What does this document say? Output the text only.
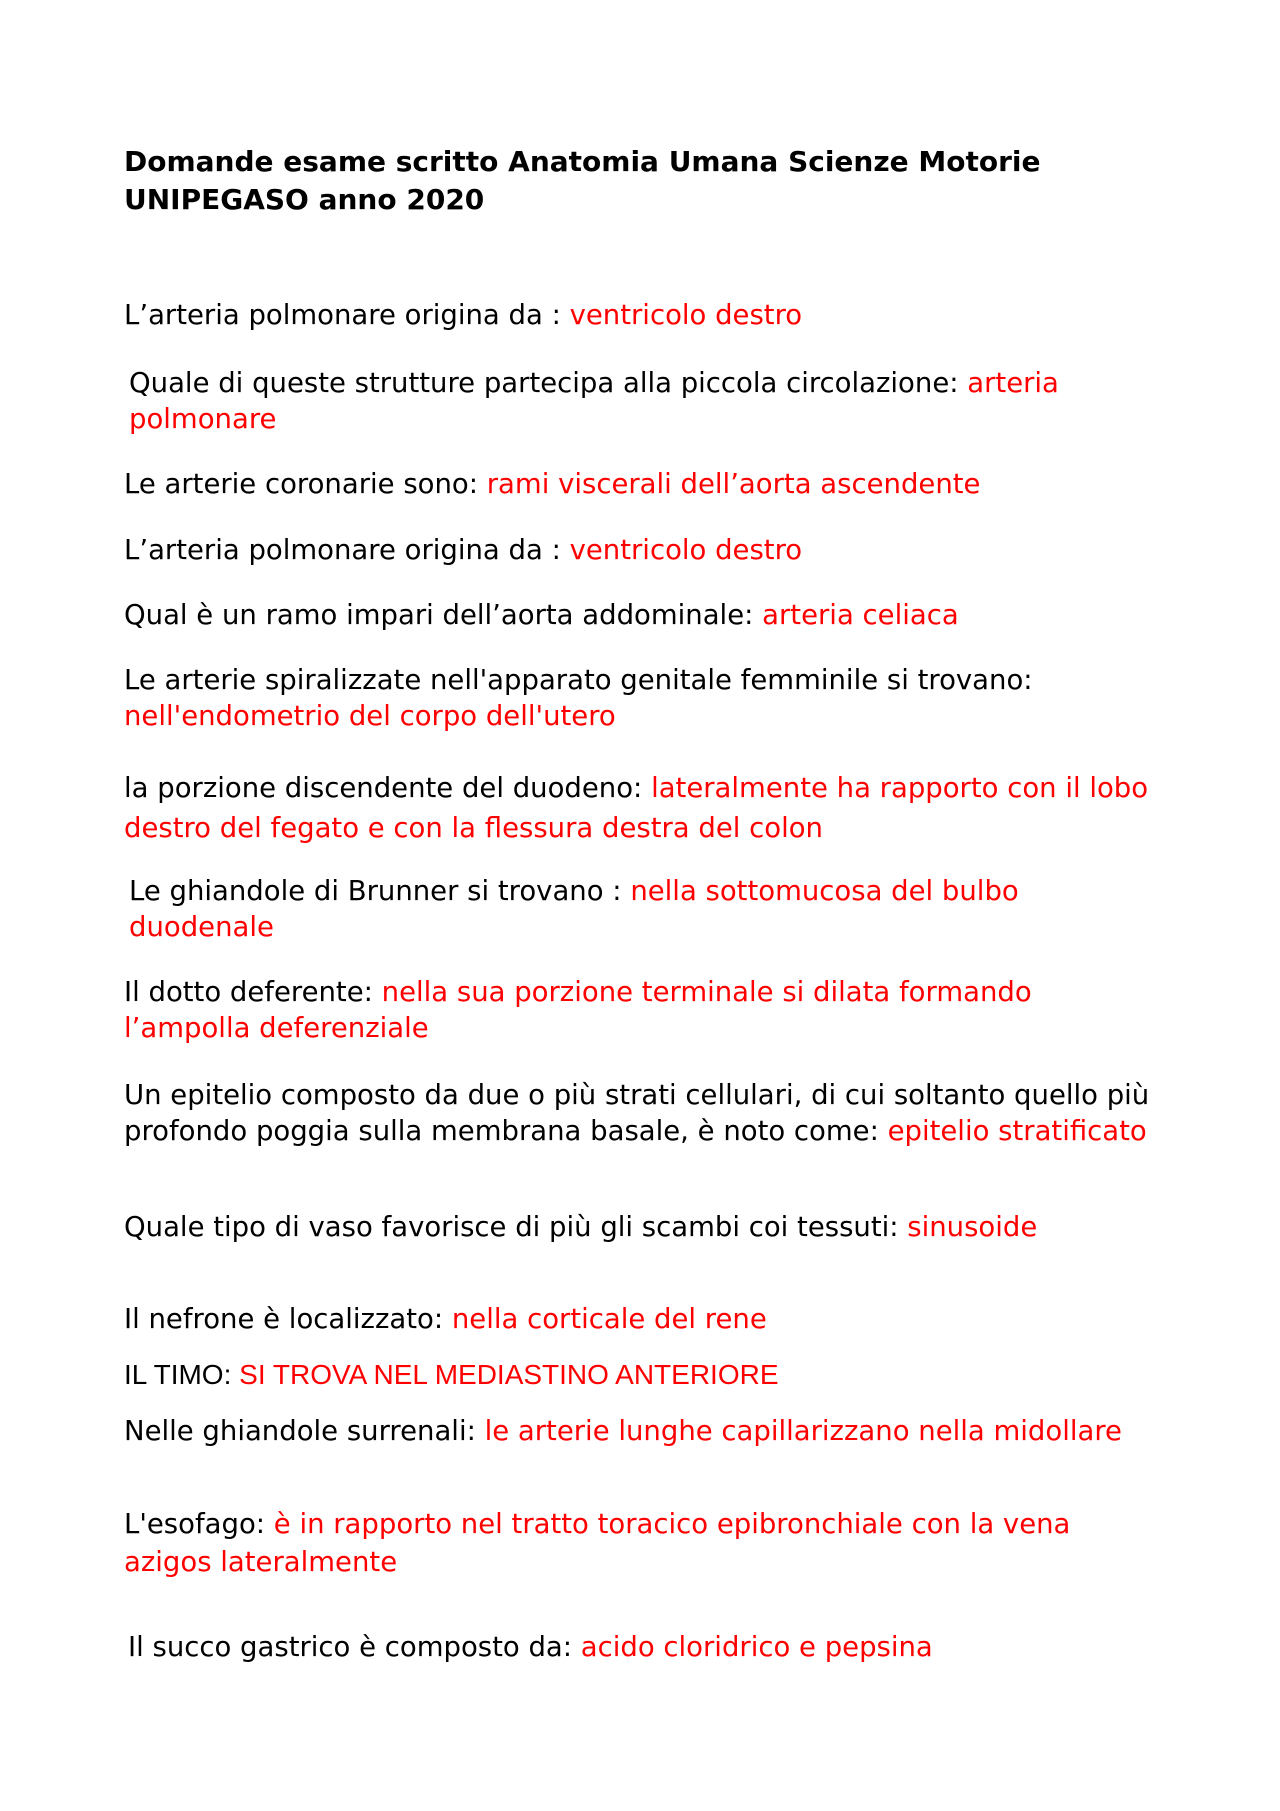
Domande esame scritto Anatomia Umana Scienze Motorie UNIPEGASO anno 2020

L’arteria polmonare origina da : ventricolo destro

Quale di queste strutture partecipa alla piccola circolazione: arteria polmonare

Le arterie coronarie sono: rami viscerali dell’aorta ascendente

L’arteria polmonare origina da : ventricolo destro

Qual è un ramo impari dell’aorta addominale: arteria celiaca

Le arterie spiralizzate nell'apparato genitale femminile si trovano: nell'endometrio del corpo dell'utero

la porzione discendente del duodeno: lateralmente ha rapporto con il lobo destro del fegato e con la flessura destra del colon

Le ghiandole di Brunner si trovano : nella sottomucosa del bulbo duodenale

Il dotto deferente: nella sua porzione terminale si dilata formando l’ampolla deferenziale

Un epitelio composto da due o più strati cellulari, di cui soltanto quello più profondo poggia sulla membrana basale, è noto come: epitelio stratificato

Quale tipo di vaso favorisce di più gli scambi coi tessuti: sinusoide

Il nefrone è localizzato: nella corticale del rene

IL TIMO: SI TROVA NEL MEDIASTINO ANTERIORE

Nelle ghiandole surrenali: le arterie lunghe capillarizzano nella midollare

L'esofago: è in rapporto nel tratto toracico epibronchiale con la vena azigos lateralmente

Il succo gastrico è composto da: acido cloridrico e pepsina
